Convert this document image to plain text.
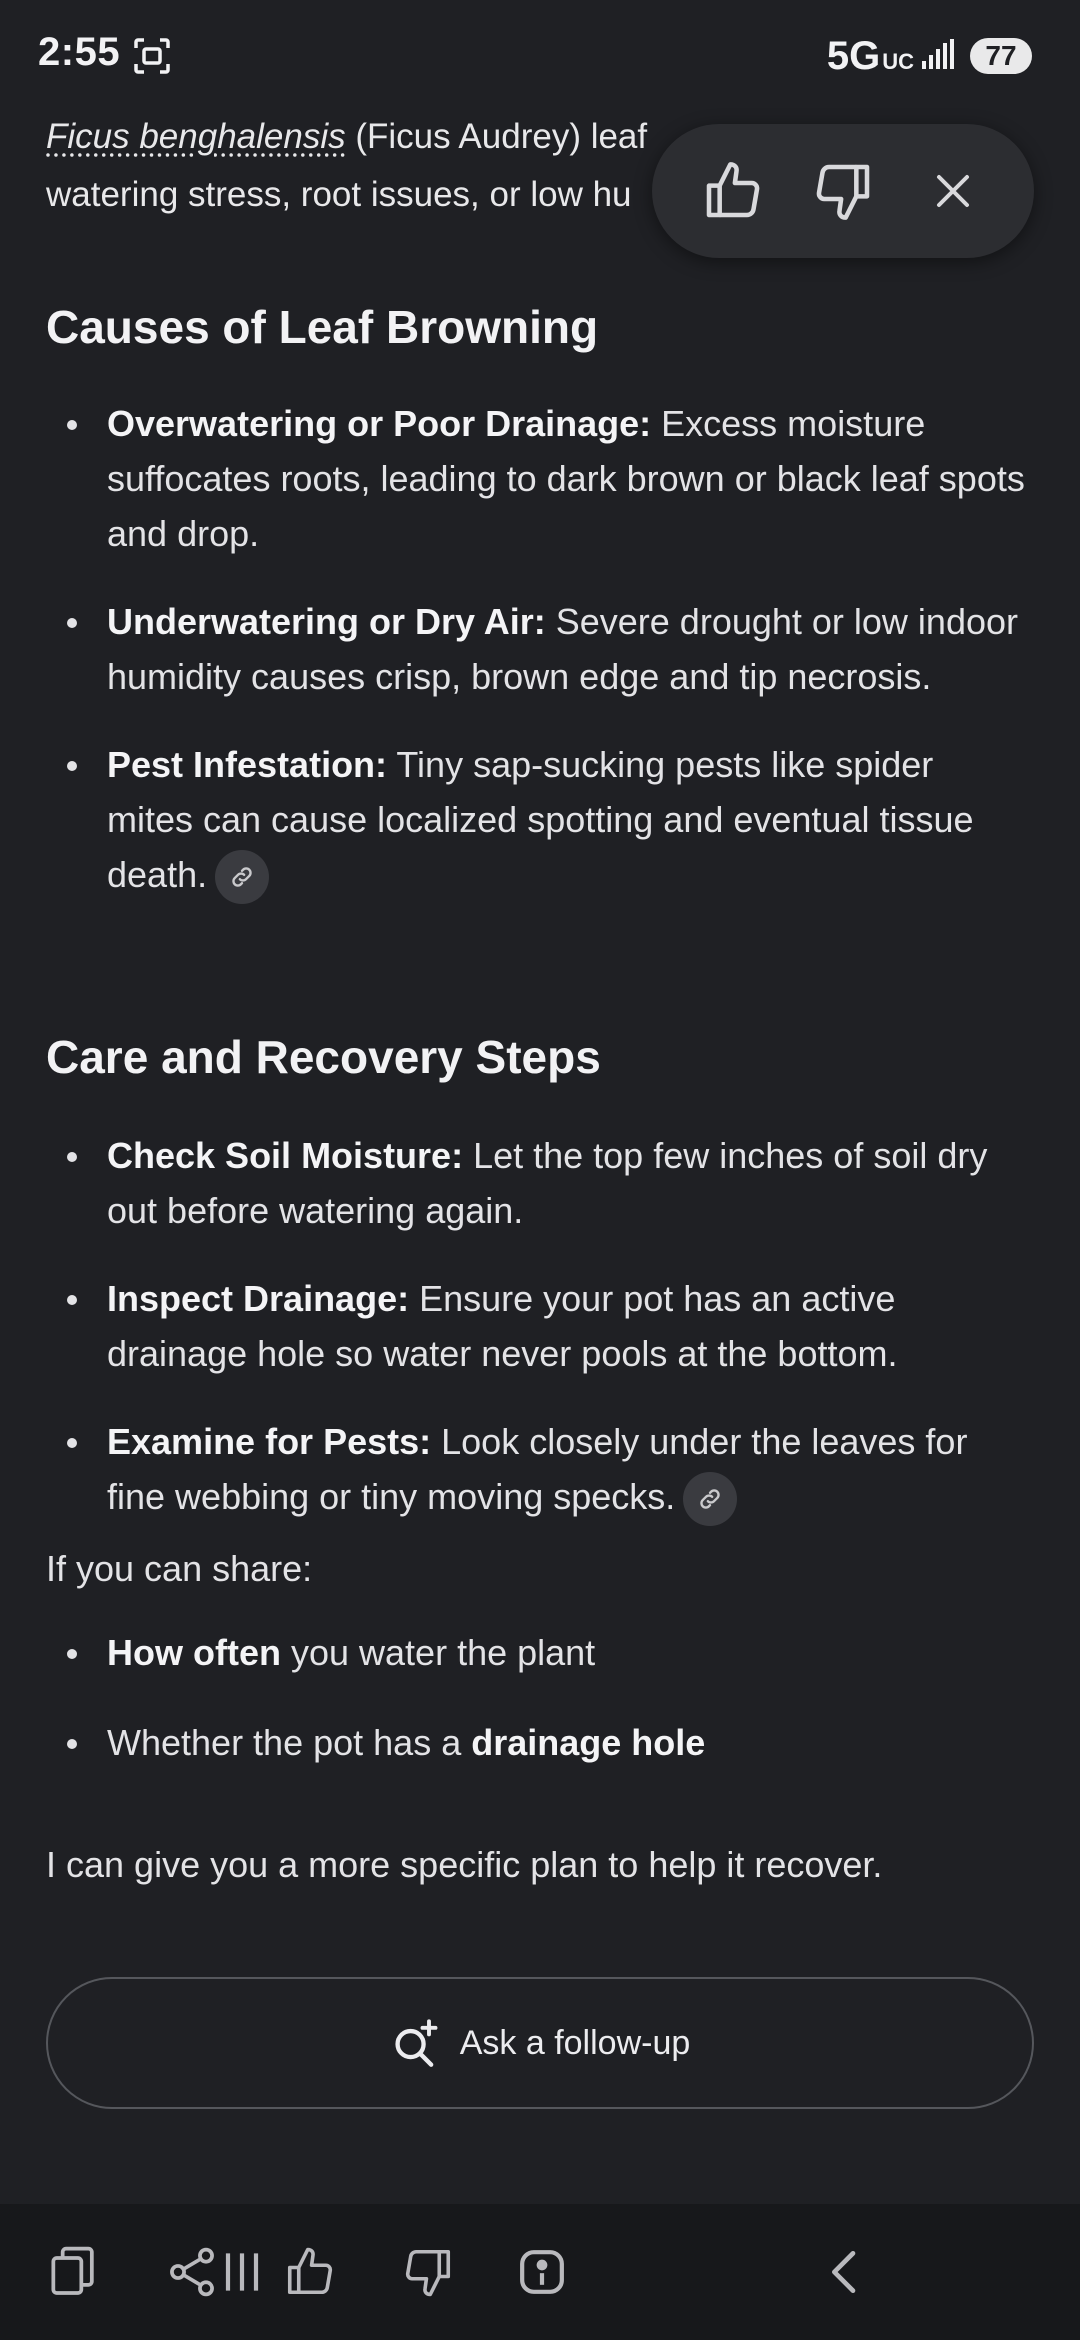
2:55	5G UC	77

Ficus benghalensis (Ficus Audrey) leaf

watering stress, root issues, or low hu

Causes of Leaf Browning
Overwatering or Poor Drainage: Excess moisture suffocates roots, leading to dark brown or black leaf spots and drop.
Underwatering or Dry Air: Severe drought or low indoor humidity causes crisp, brown edge and tip necrosis.
Pest Infestation: Tiny sap-sucking pests like spider mites can cause localized spotting and eventual tissue death.
Care and Recovery Steps
Check Soil Moisture: Let the top few inches of soil dry out before watering again.
Inspect Drainage: Ensure your pot has an active drainage hole so water never pools at the bottom.
Examine for Pests: Look closely under the leaves for fine webbing or tiny moving specks.
If you can share:
How often you water the plant
Whether the pot has a drainage hole
I can give you a more specific plan to help it recover.
Ask a follow-up
